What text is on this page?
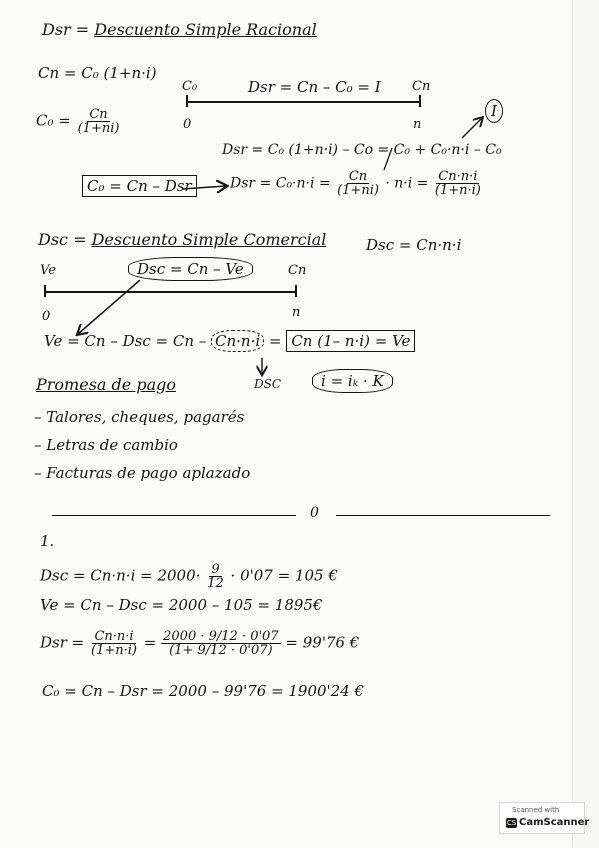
Dsr = Descuento Simple Racional
Cn = C₀ (1+n·i)
$C_0 = \frac{Cn}{(1+ni)}$
C₀	Cn
Dsr = Cn – C₀ = I
0	n
I
Dsr = C₀ (1+n·i) – Co = C₀ + C₀·n·i – C₀
C₀ = Cn – Dsr	Dsr = $C_0\cdot n\cdot i = \frac{Cn}{(1+ni)} \cdot n\cdot i = \frac{Cn\cdot n\cdot i}{(1+n\cdot i)}$
Dsc = Descuento Simple Comercial	Dsc = Cn·n·i
Ve	Cn
Dsc = Cn – Ve
0	n
Ve = Cn – Dsc = Cn – Cn·n·i = Cn (1– n·i) = Ve
DSC	i = iₖ · K
Promesa de pago
– Talores, cheques, pagarés
– Letras de cambio
– Facturas de pago aplazado
0
1.
Dsc = $Cn\cdot n\cdot i = 2000\cdot \frac{9}{12} \cdot 0'07 = 105$ €
Ve = Cn – Dsc = 2000 – 105 = 1895€
Dsr = $\frac{Cn\cdot n\cdot i}{(1+n\cdot i)} = \frac{2000 \cdot 9/12 \cdot 0'07}{(1+ 9/12 \cdot 0'07)} = 99'76$ €
C₀ = Cn – Dsr = 2000 – 99'76 = 1900'24 €
Scanned with
CS CamScanner
